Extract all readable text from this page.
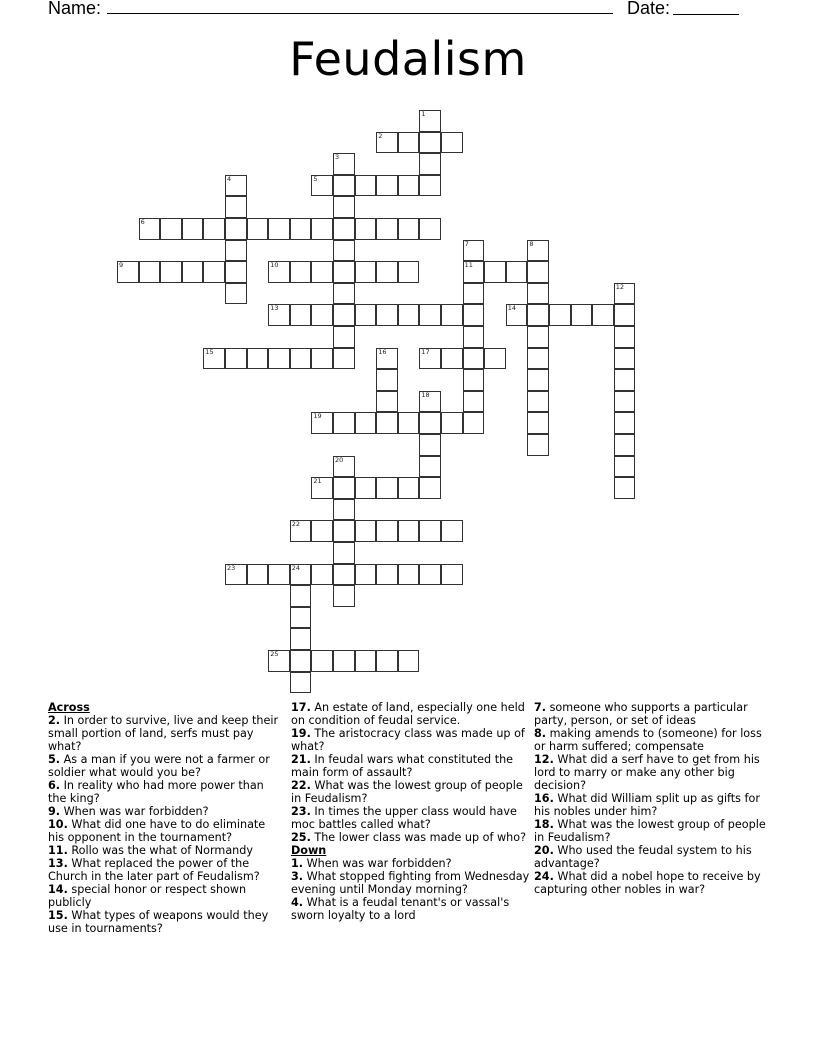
Name:	Date:
Feudalism
1
2
3
4	5
6
7
11
8
9	10
12
13	14
15	16	17
18
19
20
21
22
23	24
25
Across
2. In order to survive, live and keep their small portion of land, serfs must pay what?
5. As a man if you were not a farmer or soldier what would you be?
6. In reality who had more power than the king?
9. When was war forbidden?
10. What did one have to do eliminate his opponent in the tournament?
11. Rollo was the what of Normandy
13. What replaced the power of the Church in the later part of Feudalism?
14. special honor or respect shown publicly
15. What types of weapons would they use in tournaments?
17. An estate of land, especially one held on condition of feudal service.
19. The aristocracy class was made up of what?
21. In feudal wars what constituted the main form of assault?
22. What was the lowest group of people in Feudalism?
23. In times the upper class would have moc battles called what?
25. The lower class was made up of who?
Down
1. When was war forbidden?
3. What stopped fighting from Wednesday evening until Monday morning?
4. What is a feudal tenant's or vassal's sworn loyalty to a lord
7. someone who supports a particular party, person, or set of ideas
8. making amends to (someone) for loss or harm suffered; compensate
12. What did a serf have to get from his lord to marry or make any other big decision?
16. What did William split up as gifts for his nobles under him?
18. What was the lowest group of people in Feudalism?
20. Who used the feudal system to his advantage?
24. What did a nobel hope to receive by capturing other nobles in war?
